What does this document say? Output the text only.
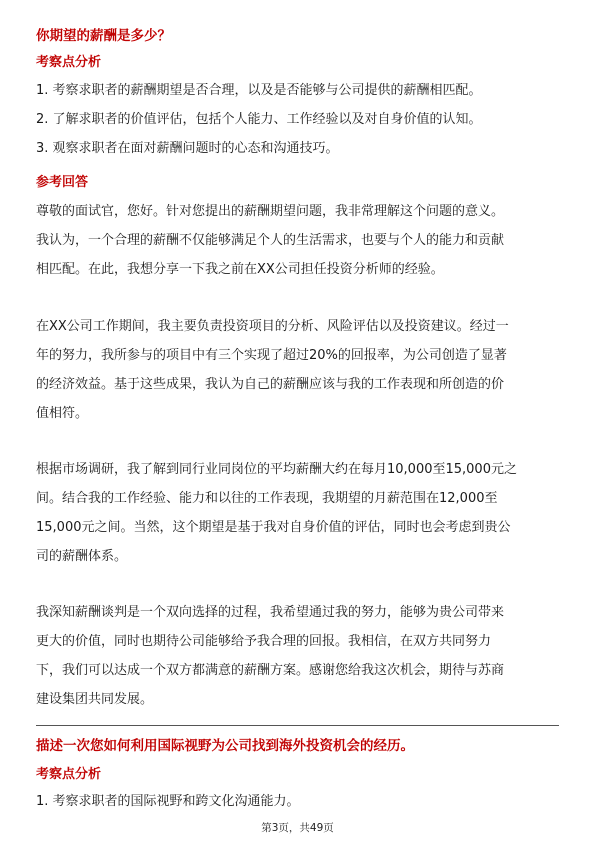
你期望的薪酬是多少？
考察点分析
1. 考察求职者的薪酬期望是否合理，以及是否能够与公司提供的薪酬相匹配。
2. 了解求职者的价值评估，包括个人能力、工作经验以及对自身价值的认知。
3. 观察求职者在面对薪酬问题时的心态和沟通技巧。
参考回答
尊敬的面试官，您好。针对您提出的薪酬期望问题，我非常理解这个问题的意义。
我认为，一个合理的薪酬不仅能够满足个人的生活需求，也要与个人的能力和贡献
相匹配。在此，我想分享一下我之前在XX公司担任投资分析师的经验。
在XX公司工作期间，我主要负责投资项目的分析、风险评估以及投资建议。经过一
年的努力，我所参与的项目中有三个实现了超过20%的回报率，为公司创造了显著
的经济效益。基于这些成果，我认为自己的薪酬应该与我的工作表现和所创造的价
值相符。
根据市场调研，我了解到同行业同岗位的平均薪酬大约在每月10,000至15,000元之
间。结合我的工作经验、能力和以往的工作表现，我期望的月薪范围在12,000至
15,000元之间。当然，这个期望是基于我对自身价值的评估，同时也会考虑到贵公
司的薪酬体系。
我深知薪酬谈判是一个双向选择的过程，我希望通过我的努力，能够为贵公司带来
更大的价值，同时也期待公司能够给予我合理的回报。我相信，在双方共同努力
下，我们可以达成一个双方都满意的薪酬方案。感谢您给我这次机会，期待与苏商
建设集团共同发展。
描述一次您如何利用国际视野为公司找到海外投资机会的经历。
考察点分析
1. 考察求职者的国际视野和跨文化沟通能力。
第3页，共49页
